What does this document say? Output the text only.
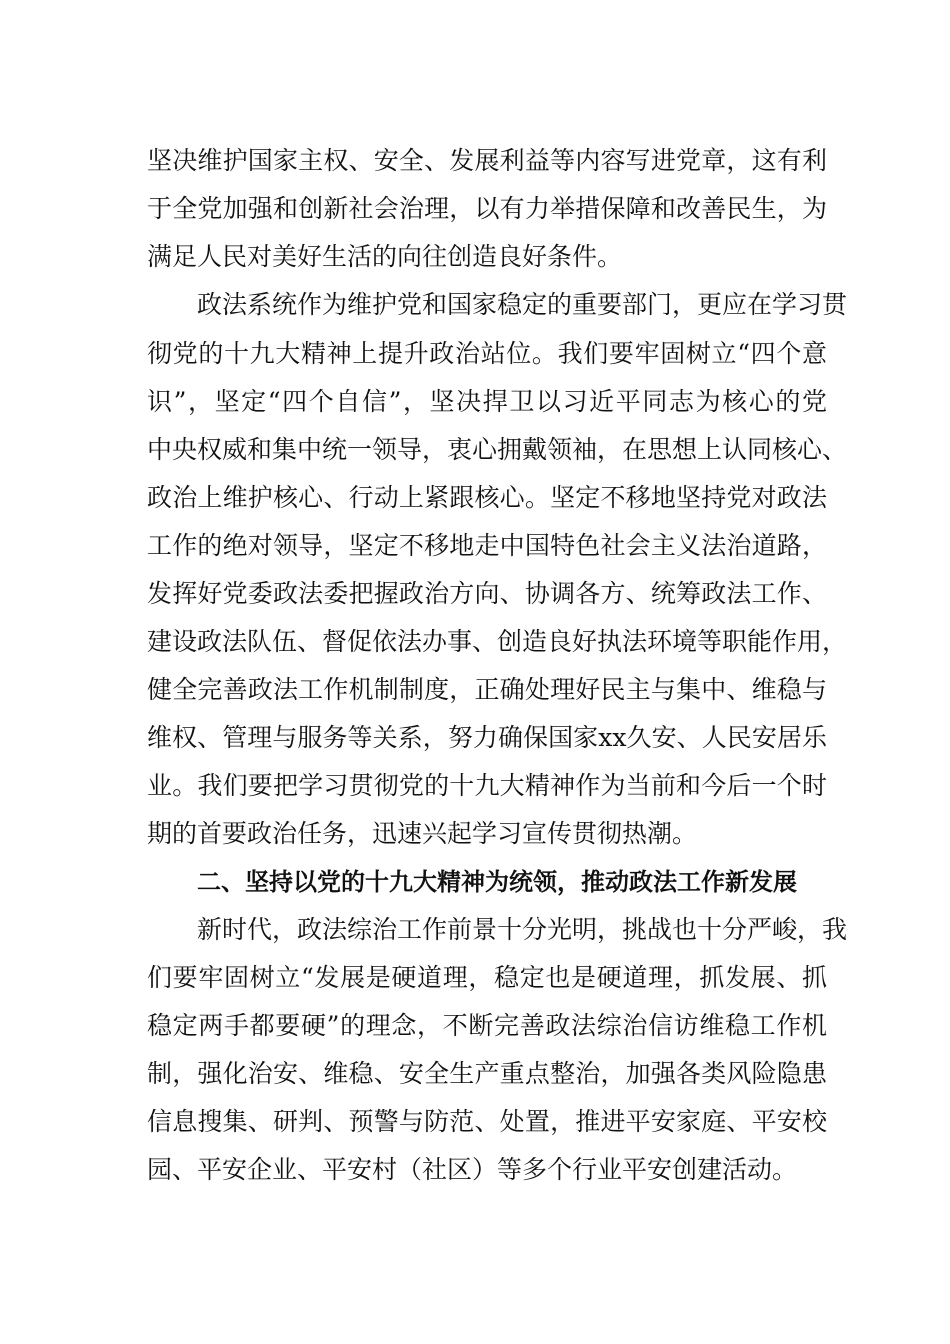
坚决维护国家主权、安全、发展利益等内容写进党章，这有利
于全党加强和创新社会治理，以有力举措保障和改善民生，为
满足人民对美好生活的向往创造良好条件。
政法系统作为维护党和国家稳定的重要部门，更应在学习贯
彻党的十九大精神上提升政治站位。我们要牢固树立“四个意
识”，坚定“四个自信”，坚决捍卫以习近平同志为核心的党
中央权威和集中统一领导，衷心拥戴领袖，在思想上认同核心、
政治上维护核心、行动上紧跟核心。坚定不移地坚持党对政法
工作的绝对领导，坚定不移地走中国特色社会主义法治道路，
发挥好党委政法委把握政治方向、协调各方、统筹政法工作、
建设政法队伍、督促依法办事、创造良好执法环境等职能作用，
健全完善政法工作机制制度，正确处理好民主与集中、维稳与
维权、管理与服务等关系，努力确保国家xx久安、人民安居乐
业。我们要把学习贯彻党的十九大精神作为当前和今后一个时
期的首要政治任务，迅速兴起学习宣传贯彻热潮。
二、坚持以党的十九大精神为统领，推动政法工作新发展
新时代，政法综治工作前景十分光明，挑战也十分严峻，我
们要牢固树立“发展是硬道理，稳定也是硬道理，抓发展、抓
稳定两手都要硬”的理念，不断完善政法综治信访维稳工作机
制，强化治安、维稳、安全生产重点整治，加强各类风险隐患
信息搜集、研判、预警与防范、处置，推进平安家庭、平安校
园、平安企业、平安村（社区）等多个行业平安创建活动。
